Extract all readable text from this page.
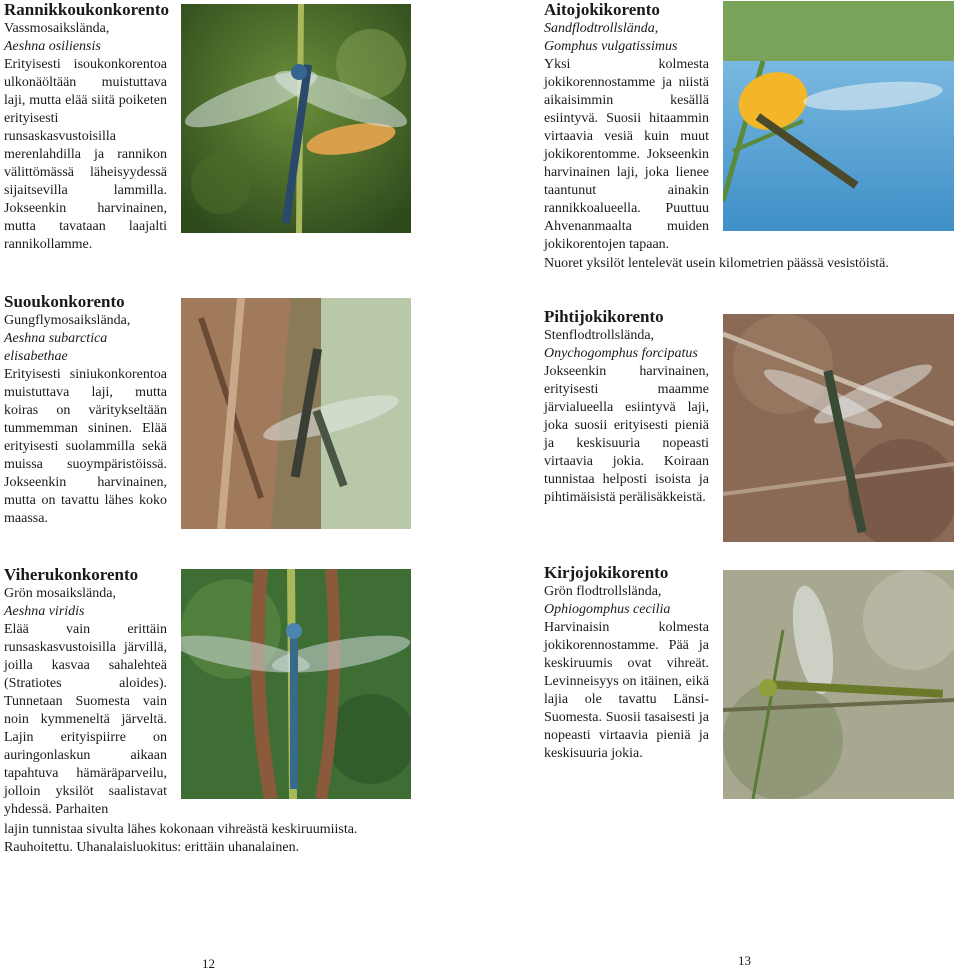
Rannikkoukonkorento
Vassmosaikslända,
Aeshna osiliensis
Erityisesti isoukonkorentoa ulkonäöltään muistuttava laji, mutta elää siitä poiketen erityisesti runsaskasvustoisilla merenlahdilla ja rannikon välittömässä läheisyydessä sijaitsevilla lammilla. Jokseenkin harvinainen, mutta tavataan laajalti rannikollamme.
Suoukonkorento
Gungflymosaikslända,
Aeshna subarctica elisabethae
Erityisesti siniukonkorentoa muistuttava laji, mutta koiras on väritykseltään tummemman sininen. Elää erityisesti suolammilla sekä muissa suoympäristöissä. Jokseenkin harvinainen, mutta on tavattu lähes koko maassa.
Viherukonkorento
Grön mosaikslända,
Aeshna viridis
Elää vain erittäin runsaskasvustoisilla järvillä, joilla kasvaa sahalehteä (Stratiotes aloides). Tunnetaan Suomesta vain noin kymmeneltä järveltä. Lajin erityispiirre on auringonlaskun aikaan tapahtuva hämäräparveilu, jolloin yksilöt saalistavat yhdessä. Parhaiten
lajin tunnistaa sivulta lähes kokonaan vihreästä keskiruumiista. Rauhoitettu. Uhanalaisluokitus: erittäin uhanalainen.
12
Aitojokikorento
Sandflodtrollslända,
Gomphus vulgatissimus
Yksi kolmesta jokikorennostamme ja niistä aikaisimmin kesällä esiintyvä. Suosii hitaammin virtaavia vesiä kuin muut jokikorentomme. Jokseenkin harvinainen laji, joka lienee taantunut ainakin rannikkoalueella. Puuttuu Ahvenanmaalta muiden jokikorentojen tapaan.
Nuoret yksilöt lentelevät usein kilometrien päässä vesistöistä.
Pihtijokikorento
Stenflodtrollslända,
Onychogomphus forcipatus
Jokseenkin harvinainen, erityisesti maamme järvialueella esiintyvä laji, joka suosii erityisesti pieniä ja keskisuuria nopeasti virtaavia jokia. Koiraan tunnistaa helposti isoista ja pihtimäisistä perälisäkkeistä.
Kirjojokikorento
Grön flodtrollslända,
Ophiogomphus cecilia
Harvinaisin kolmesta jokikorennostamme. Pää ja keskiruumis ovat vihreät. Levinneisyys on itäinen, eikä lajia ole tavattu Länsi-Suomesta. Suosii tasaisesti ja nopeasti virtaavia pieniä ja keskisuuria jokia.
13
